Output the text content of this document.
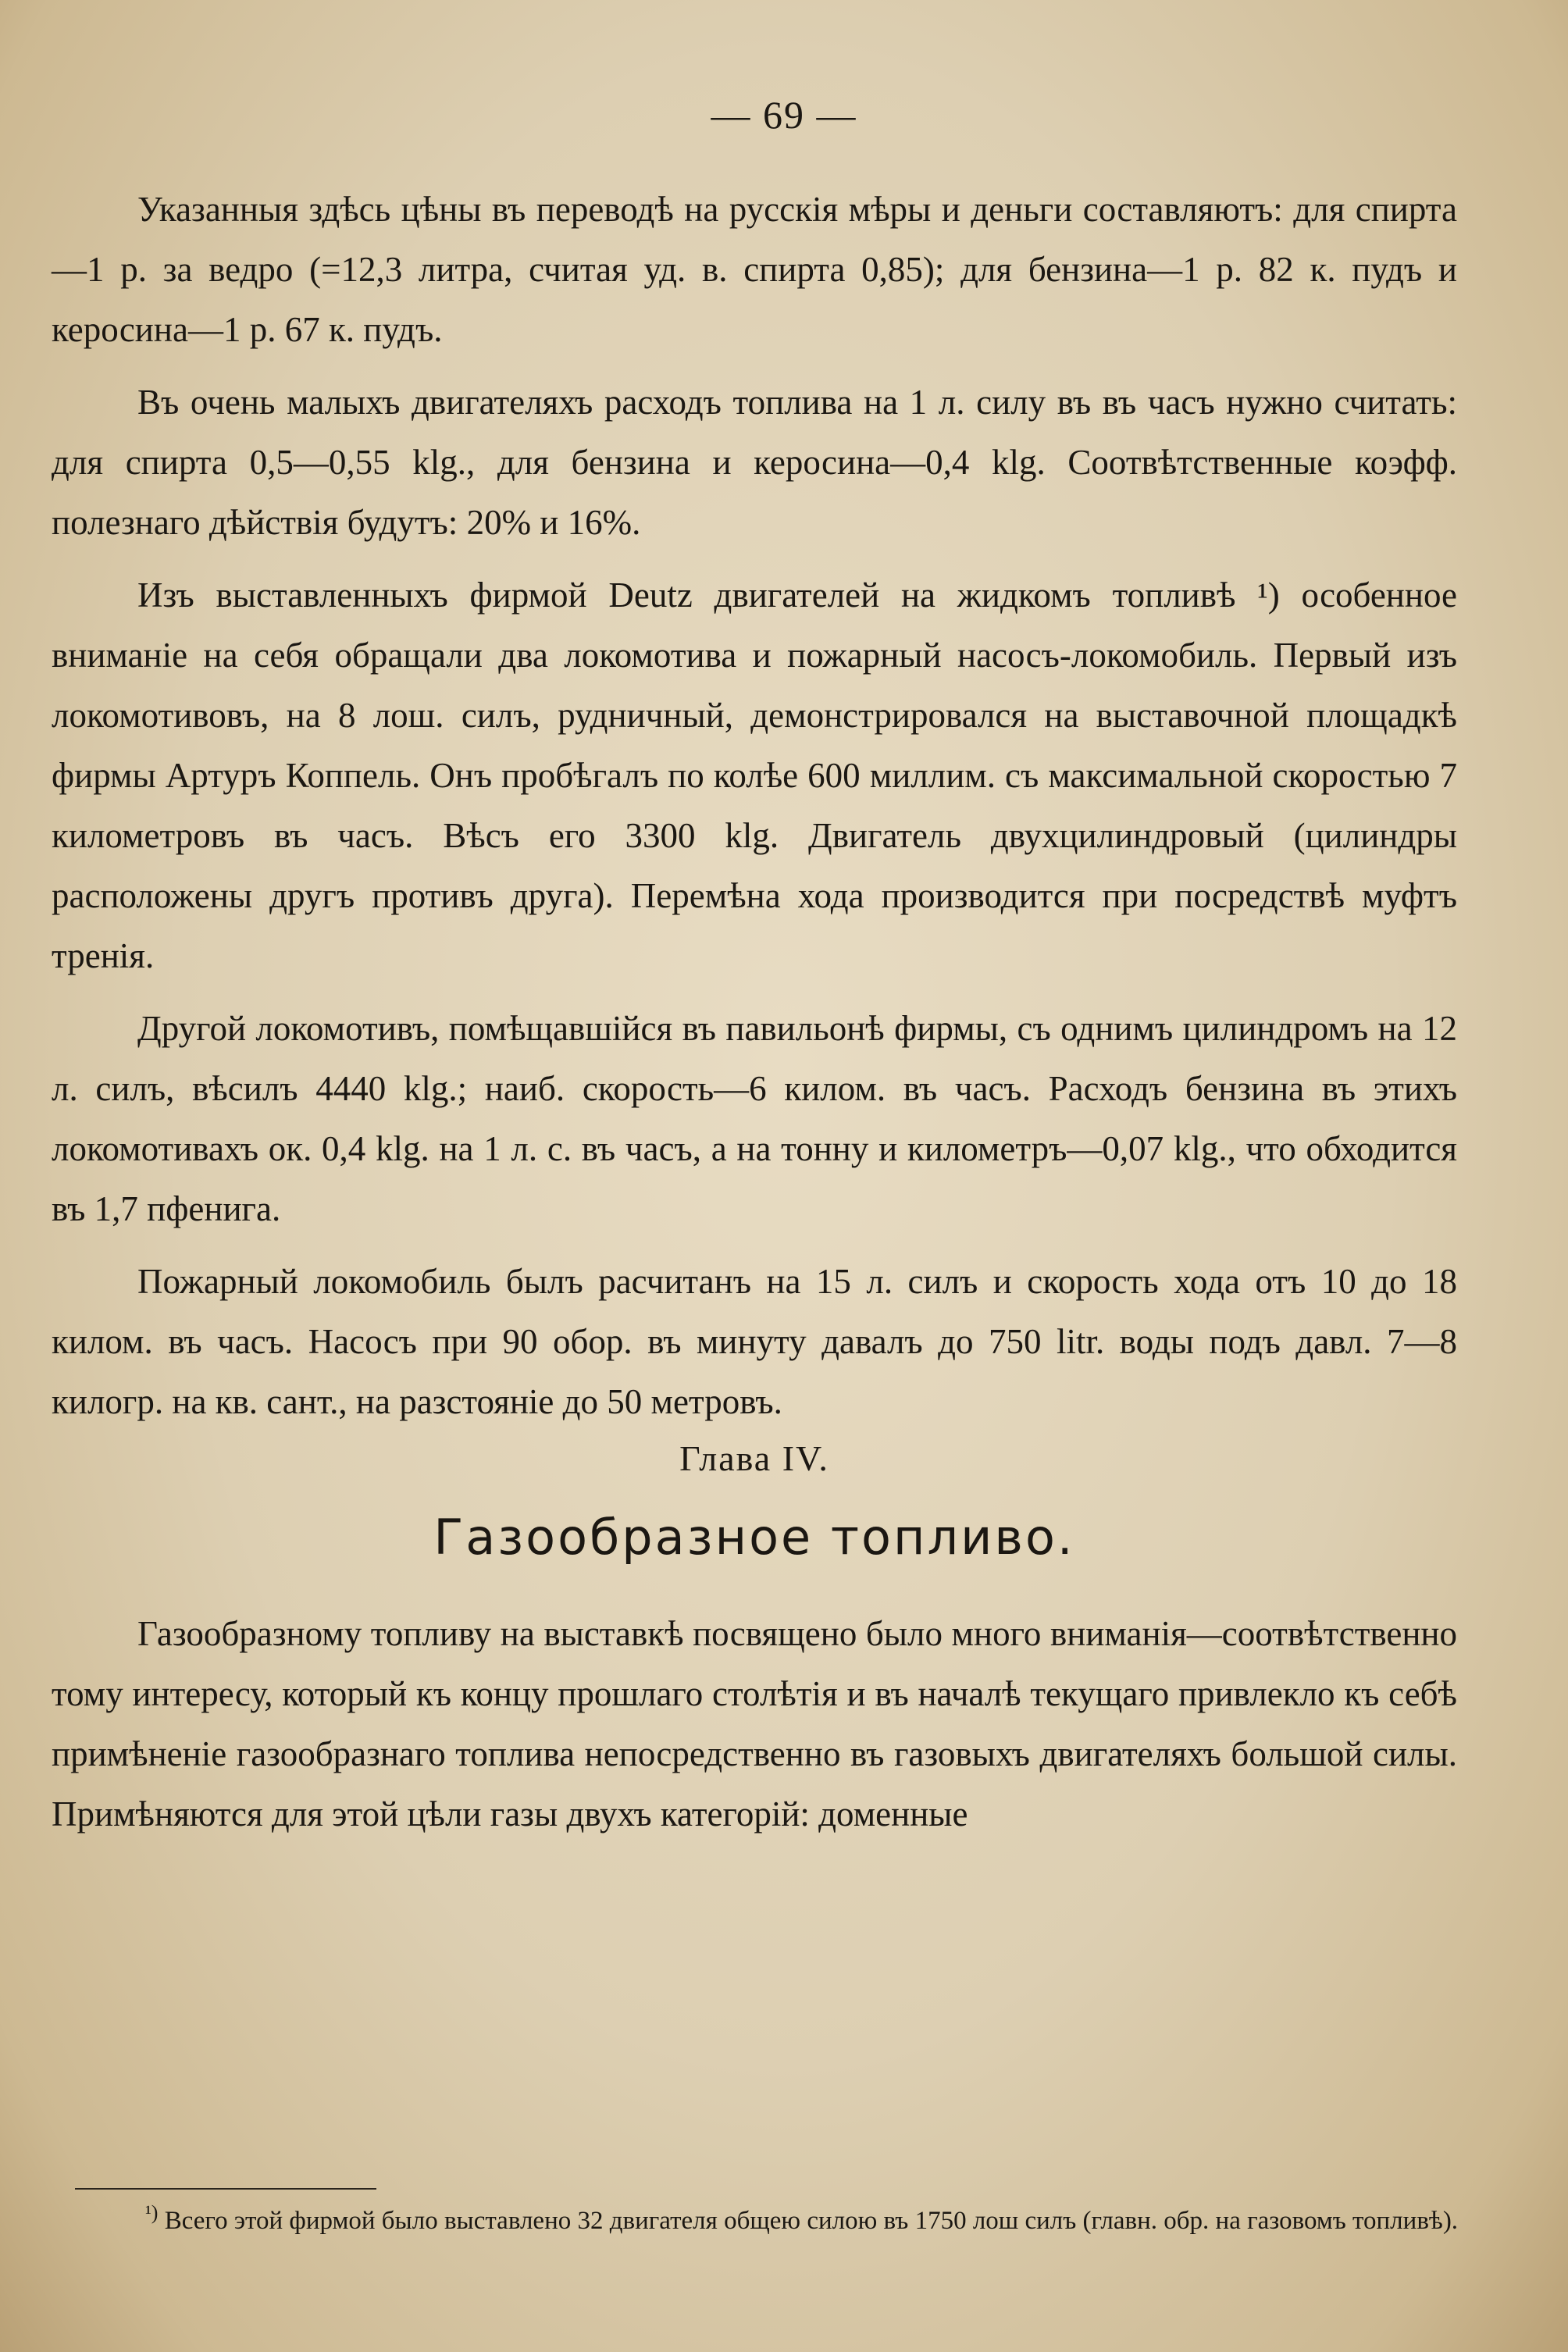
— 69 —

Указанныя здѣсь цѣны въ переводѣ на русскія мѣры и деньги составляютъ: для спирта—1 р. за ведро (=12,3 литра, считая уд. в. спирта 0,85); для бензина—1 р. 82 к. пудъ и керосина—1 р. 67 к. пудъ.

Въ очень малыхъ двигателяхъ расходъ топлива на 1 л. силу въ въ часъ нужно считать: для спирта 0,5—0,55 klg., для бензина и керосина—0,4 klg. Соотвѣтственные коэфф. полезнаго дѣйствія будутъ: 20% и 16%.

Изъ выставленныхъ фирмой Deutz двигателей на жидкомъ топливѣ ¹) особенное вниманіе на себя обращали два локомотива и пожарный насосъ-локомобиль. Первый изъ локомотивовъ, на 8 лош. силъ, рудничный, демонстрировался на выставочной площадкѣ фирмы Артуръ Коппель. Онъ пробѣгалъ по колѣе 600 миллим. съ максимальной скоростью 7 километровъ въ часъ. Вѣсъ его 3300 klg. Двигатель двухцилиндровый (цилиндры расположены другъ противъ друга). Перемѣна хода производится при посредствѣ муфтъ тренія.

Другой локомотивъ, помѣщавшійся въ павильонѣ фирмы, съ однимъ цилиндромъ на 12 л. силъ, вѣсилъ 4440 klg.; наиб. скорость—6 килом. въ часъ. Расходъ бензина въ этихъ локомотивахъ ок. 0,4 klg. на 1 л. с. въ часъ, а на тонну и километръ—0,07 klg., что обходится въ 1,7 пфенига.

Пожарный локомобиль былъ расчитанъ на 15 л. силъ и скорость хода отъ 10 до 18 килом. въ часъ. Насосъ при 90 обор. въ минуту давалъ до 750 litr. воды подъ давл. 7—8 килогр. на кв. сант., на разстояніе до 50 метровъ.

Глава IV.

Газообразное топливо.

Газообразному топливу на выставкѣ посвящено было много вниманія—соотвѣтственно тому интересу, который къ концу прошлаго столѣтія и въ началѣ текущаго привлекло къ себѣ примѣненіе газообразнаго топлива непосредственно въ газовыхъ двигателяхъ большой силы. Примѣняются для этой цѣли газы двухъ категорій: доменные

$^{^1)}$ Всего этой фирмой было выставлено 32 двигателя общею силою въ 1750 лош силъ (главн. обр. на газовомъ топливѣ).
